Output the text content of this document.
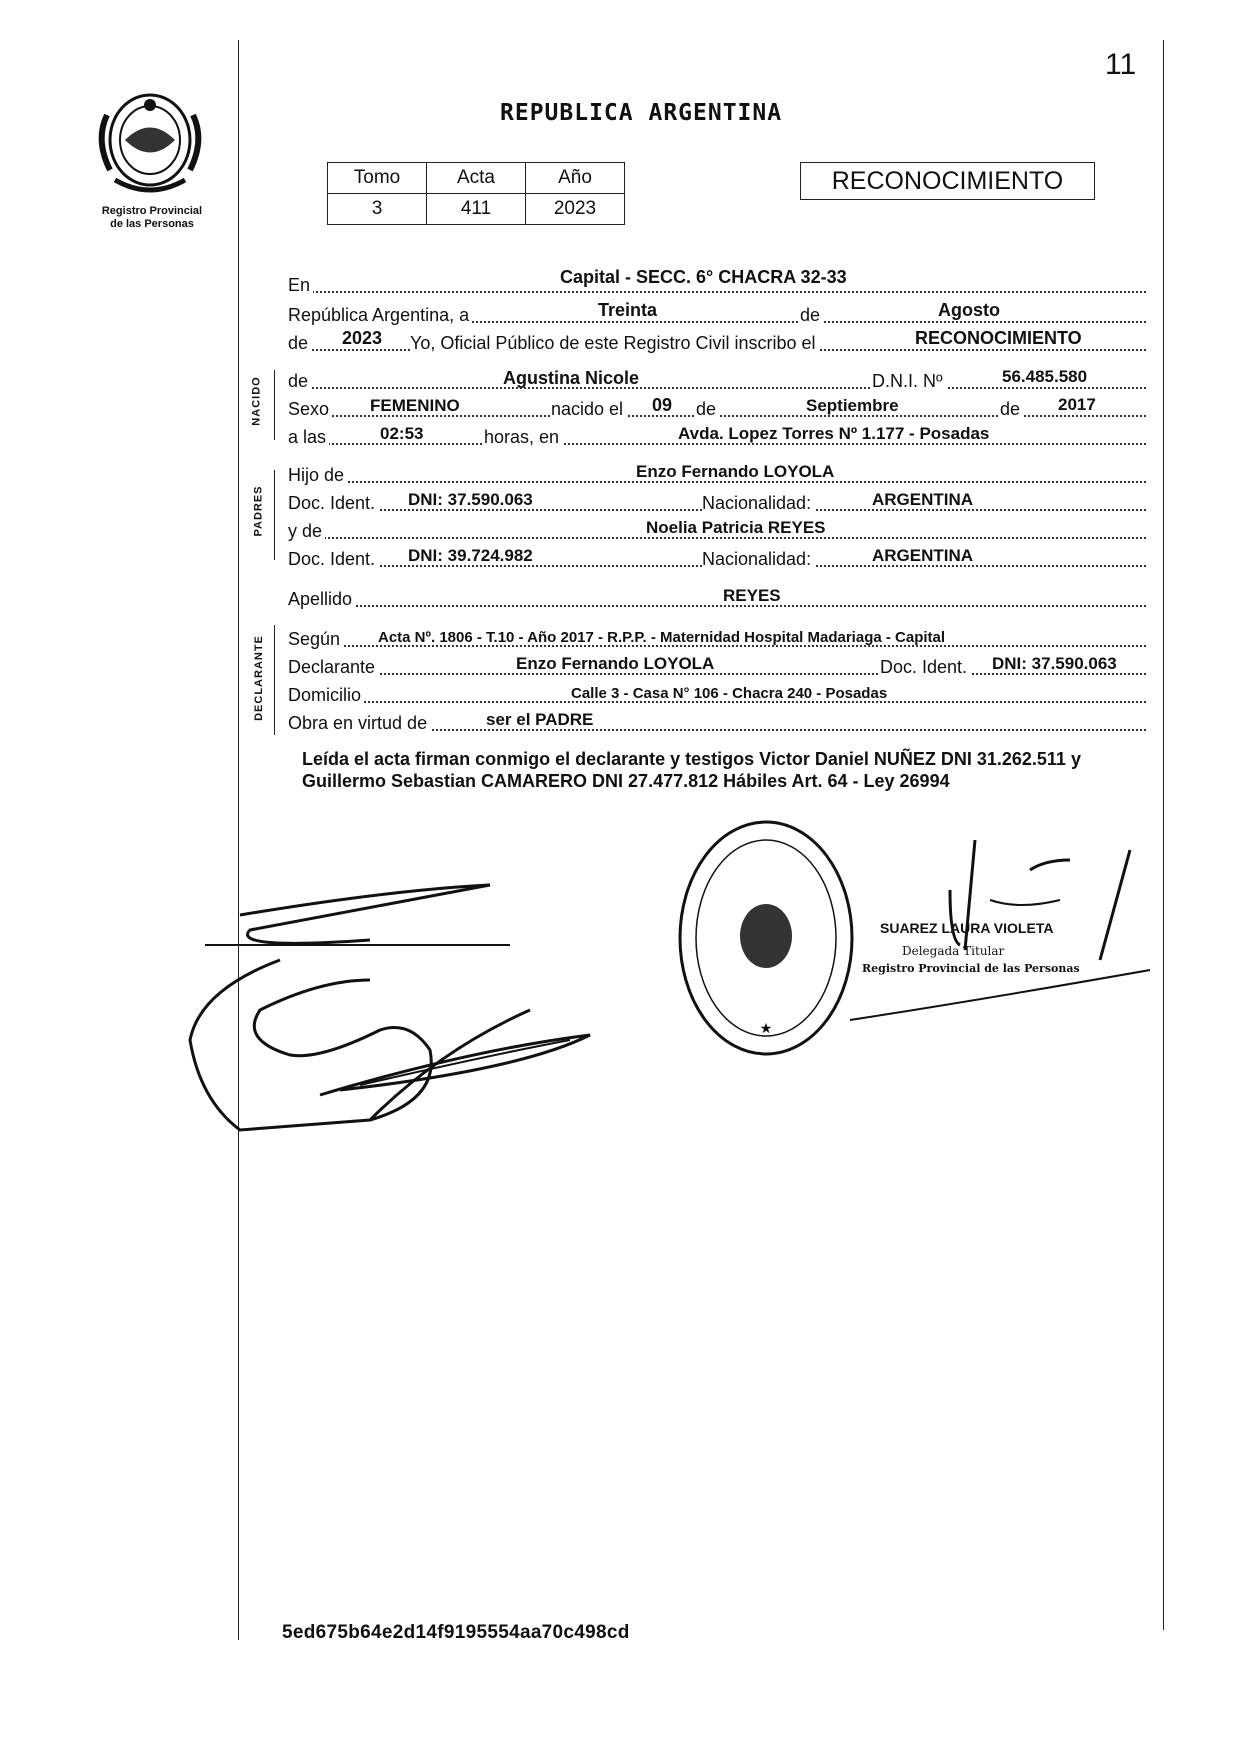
11
Registro Provincial
de las Personas
REPUBLICA ARGENTINA
Tomo	Acta	Año
3	411	2023
RECONOCIMIENTO
NACIDO
PADRES
DECLARANTE
En	Capital - SECC. 6° CHACRA 32-33
República Argentina, a	Treinta	de	Agosto
de 2023 Yo, Oficial Público de este Registro Civil inscribo el	RECONOCIMIENTO
de	Agustina Nicole	D.N.I. Nº	56.485.580
Sexo FEMENINO	nacido el 09 de	Septiembre	de 2017
a las	02:53	horas, en	Avda. Lopez Torres Nº 1.177 - Posadas
Hijo de	Enzo Fernando LOYOLA
Doc. Ident. DNI: 37.590.063	Nacionalidad:	ARGENTINA
y de	Noelia Patricia REYES
Doc. Ident. DNI: 39.724.982	Nacionalidad:	ARGENTINA
Apellido	REYES
Según	Acta Nº. 1806 - T.10 - Año 2017 - R.P.P. - Maternidad Hospital Madariaga - Capital
Declarante	Enzo Fernando LOYOLA	Doc. Ident. DNI: 37.590.063
Domicilio	Calle 3 - Casa N° 106 - Chacra 240 - Posadas
Obra en virtud de	ser el PADRE
Leída el acta firman conmigo el declarante y testigos Victor Daniel NUÑEZ DNI 31.262.511 y Guillermo Sebastian CAMARERO DNI 27.477.812 Hábiles Art. 64 - Ley 26994
★
SUAREZ LAURA VIOLETA
Delegada Titular
Registro Provincial de las Personas
5ed675b64e2d14f9195554aa70c498cd
